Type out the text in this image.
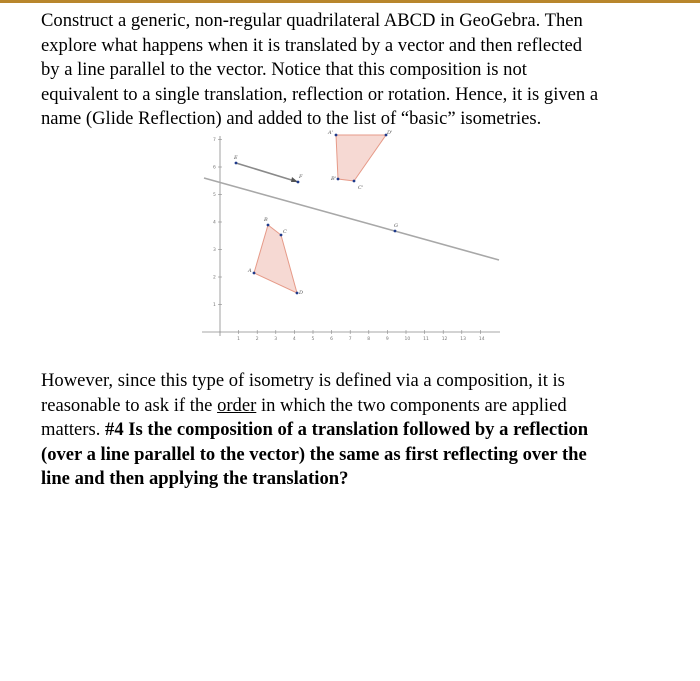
Construct a generic, non-regular quadrilateral ABCD in GeoGebra. Then
explore what happens when it is translated by a vector and then reflected
by a line parallel to the vector. Notice that this composition is not
equivalent to a single translation, reflection or rotation. Hence, it is given a
name (Glide Reflection) and added to the list of “basic” isometries.
1	2	3	4	5	6	7	8	9	10	11	12	13	14
1
2
3
4
5
6
7
A
B
C
D
A'
B'
C'
D'
G
E
F
However, since this type of isometry is defined via a composition, it is
reasonable to ask if the order in which the two components are applied
matters. #4 Is the composition of a translation followed by a reflection
(over a line parallel to the vector) the same as first reflecting over the
line and then applying the translation?
